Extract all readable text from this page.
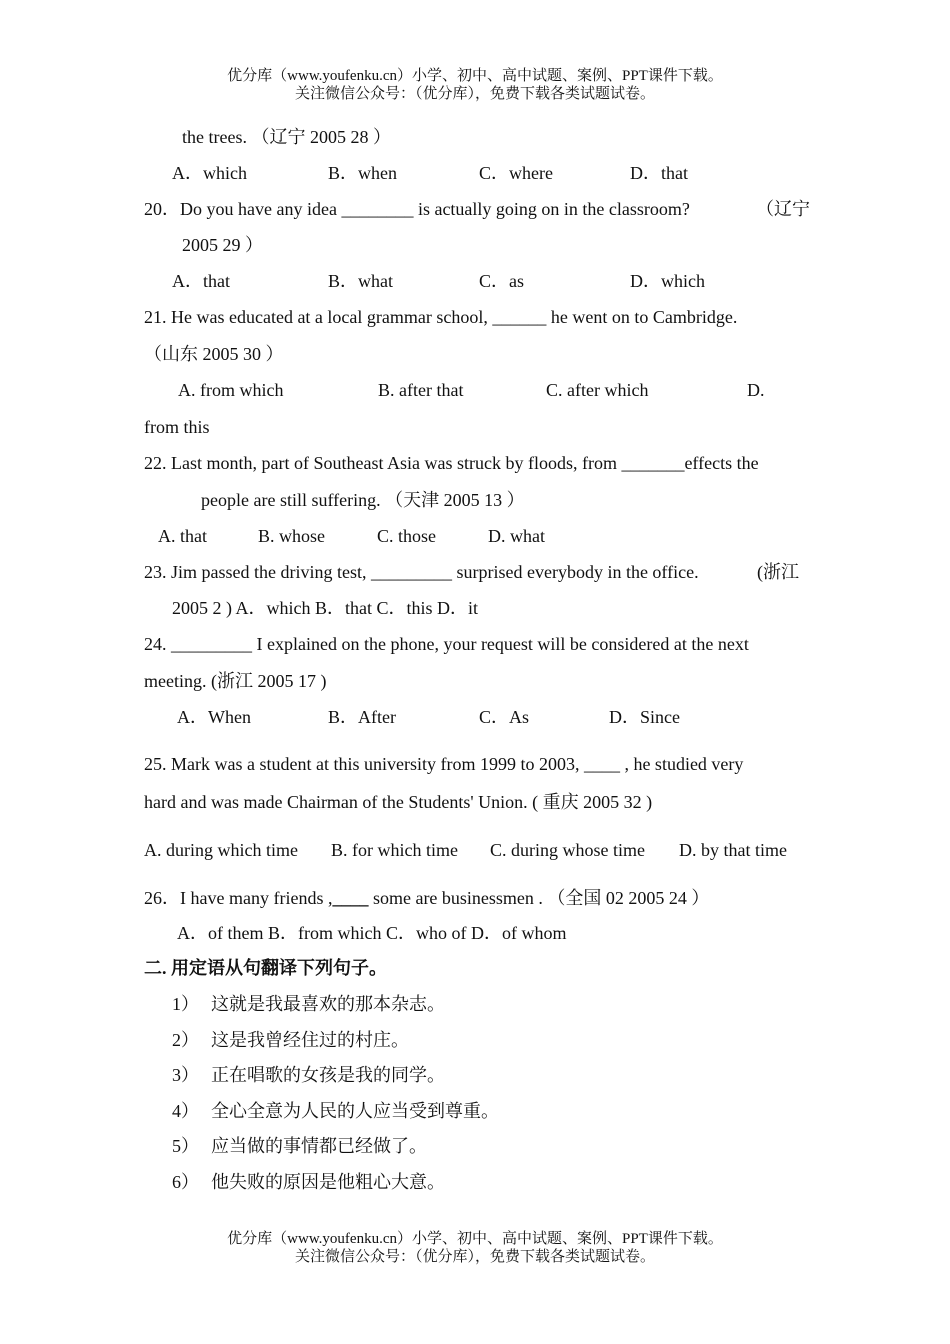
优分库（www.youfenku.cn）小学、初中、高中试题、案例、PPT课件下载。
关注微信公众号：（优分库），免费下载各类试题试卷。
the trees. （辽宁 2005 28 ）
A．which	B．when	C．where	D．that
20．Do you have any idea ________ is actually going on in the classroom?	（辽宁
2005 29 ）
A．that	B．what	C．as	D．which
21. He was educated at a local grammar school, ______ he went on to Cambridge.
（山东 2005 30 ）
A. from which	B. after that	C. after which	D.
from this
22. Last month, part of Southeast Asia was struck by floods, from _______effects the
people are still suffering. （天津 2005 13 ）
A. that	B. whose	C. those	D. what
23. Jim passed the driving test, _________ surprised everybody in the office.	(浙江
2005 2 ) A．which B．that C．this D．it
24. _________ I explained on the phone, your request will be considered at the next
meeting. (浙江 2005 17 )
A．When	B．After	C．As	D．Since
25. Mark was a student at this university from 1999 to 2003, ____ , he studied very
hard and was made Chairman of the Students' Union. ( 重庆 2005 32 )
A. during which time B. for which time C. during whose time D. by that time
26．I have many friends ,____ some are businessmen . （全国 02 2005 24 ）
A．of them B．from which C．who of D．of whom
二. 用定语从句翻译下列句子。
1） 这就是我最喜欢的那本杂志。
2） 这是我曾经住过的村庄。
3） 正在唱歌的女孩是我的同学。
4） 全心全意为人民的人应当受到尊重。
5） 应当做的事情都已经做了。
6） 他失败的原因是他粗心大意。
优分库（www.youfenku.cn）小学、初中、高中试题、案例、PPT课件下载。
关注微信公众号：（优分库），免费下载各类试题试卷。
